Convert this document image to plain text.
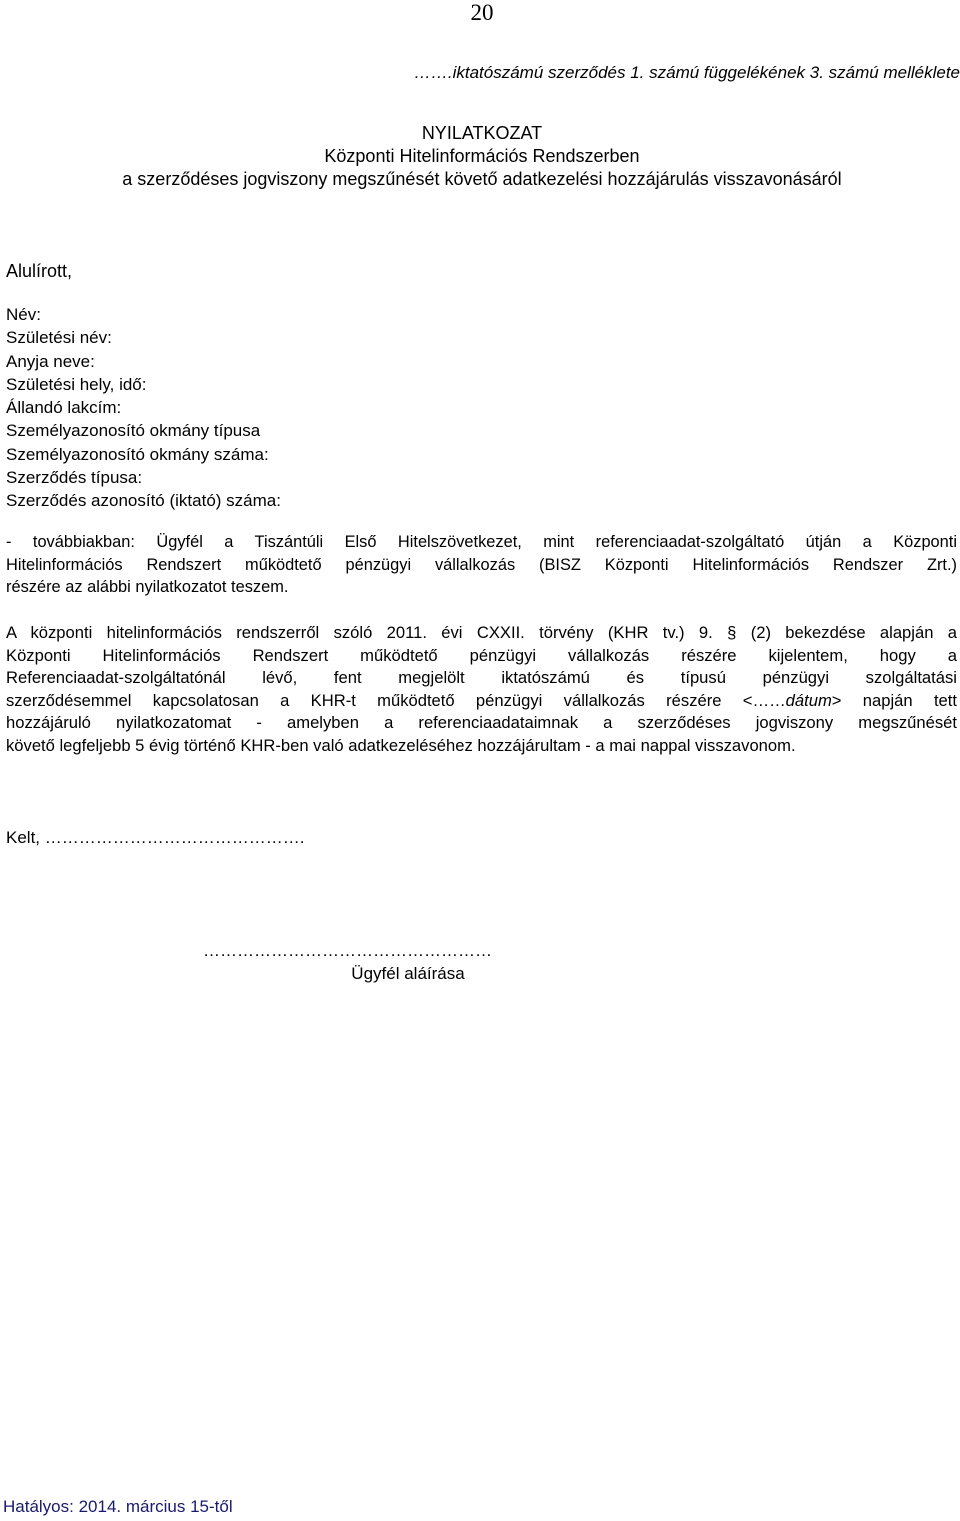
20
…….iktatószámú szerződés 1. számú függelékének 3. számú melléklete
NYILATKOZAT
Központi Hitelinformációs Rendszerben
a szerződéses jogviszony megszűnését követő adatkezelési hozzájárulás visszavonásáról
Alulírott,
Név:
Születési név:
Anyja neve:
Születési hely, idő:
Állandó lakcím:
Személyazonosító okmány típusa
Személyazonosító okmány száma:
Szerződés típusa:
Szerződés azonosító (iktató) száma:
- továbbiakban: Ügyfél a Tiszántúli Első Hitelszövetkezet, mint referenciaadat-szolgáltató útján a Központi
Hitelinformációs Rendszert működtető pénzügyi vállalkozás (BISZ Központi Hitelinformációs Rendszer Zrt.)
részére az alábbi nyilatkozatot teszem.
A központi hitelinformációs rendszerről szóló 2011. évi CXXII. törvény (KHR tv.) 9. § (2) bekezdése alapján a
Központi Hitelinformációs Rendszert működtető pénzügyi vállalkozás részére kijelentem, hogy a
Referenciaadat-szolgáltatónál lévő, fent megjelölt iktatószámú és típusú pénzügyi szolgáltatási
szerződésemmel kapcsolatosan a KHR-t működtető pénzügyi vállalkozás részére <……dátum> napján tett
hozzájáruló nyilatkozatomat - amelyben a referenciaadataimnak a szerződéses jogviszony megszűnését
követő legfeljebb 5 évig történő KHR-ben való adatkezeléséhez hozzájárultam - a mai nappal visszavonom.
Kelt, ……………………………………….
……………………………………………
Ügyfél aláírása
Hatályos: 2014. március 15-től
